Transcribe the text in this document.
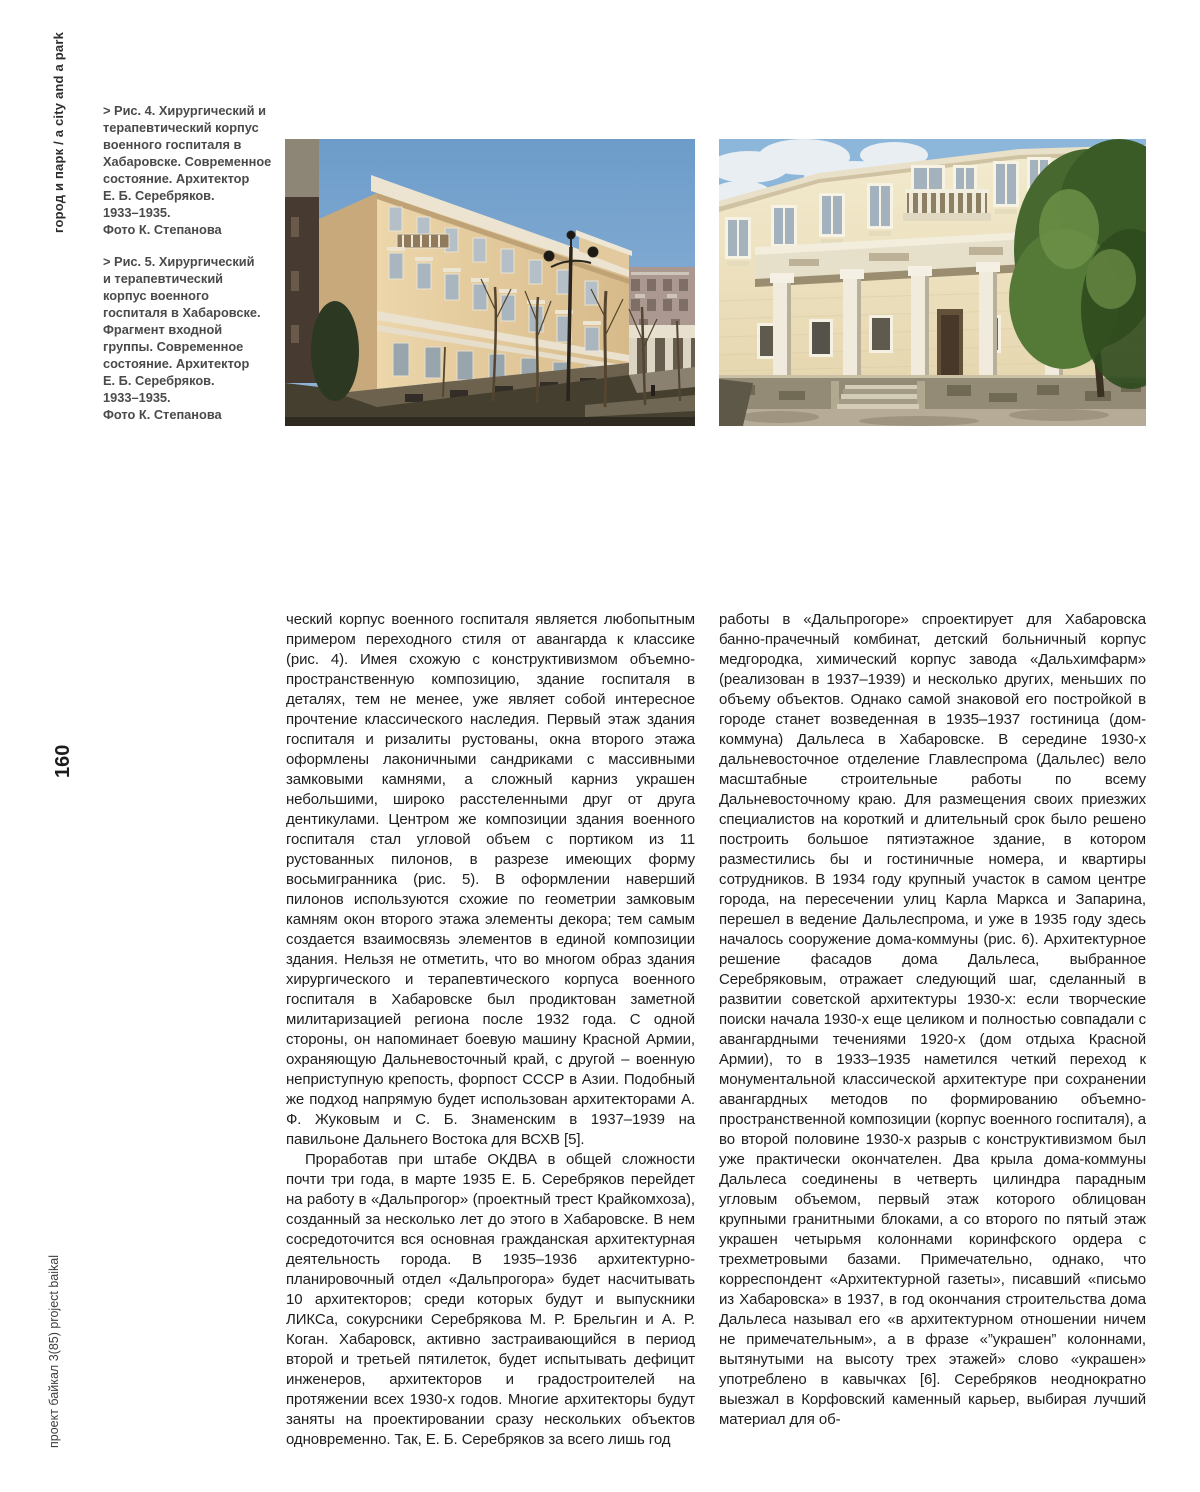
город и парк / a city and a park
160
проект байкал 3(85) project baikal
> Рис. 4. Хирургический и
терапевтический корпус
военного госпиталя в
Хабаровске. Современное
состояние. Архитектор
Е. Б. Серебряков.
1933–1935.
Фото К. Степанова
> Рис. 5. Хирургический
и терапевтический
корпус военного
госпиталя в Хабаровске.
Фрагмент входной
группы. Современное
состояние. Архитектор
Е. Б. Серебряков.
1933–1935.
Фото К. Степанова

ческий корпус военного госпиталя является любопытным примером переходного стиля от авангарда к классике (рис. 4). Имея схожую с конструктивизмом объемно-пространственную композицию, здание госпиталя в деталях, тем не менее, уже являет собой интересное прочтение классического наследия. Первый этаж здания госпиталя и ризалиты рустованы, окна второго этажа оформлены лаконичными сандриками с массивными замковыми камнями, а сложный карниз украшен небольшими, широко расстеленными друг от друга дентикулами. Центром же композиции здания военного госпиталя стал угловой объем с портиком из 11 рустованных пилонов, в разрезе имеющих форму восьмигранника (рис. 5). В оформлении наверший пилонов используются схожие по геометрии замковым камням окон второго этажа элементы декора; тем самым создается взаимосвязь элементов в единой композиции здания. Нельзя не отметить, что во многом образ здания хирургического и терапевтического корпуса военного госпиталя в Хабаровске был продиктован заметной милитаризацией региона после 1932 года. С одной стороны, он напоминает боевую машину Красной Армии, охраняющую Дальневосточный край, с другой – военную неприступную крепость, форпост СССР в Азии. Подобный же подход напрямую будет использован архитекторами А. Ф. Жуковым и С. Б. Знаменским в 1937–1939 на павильоне Дальнего Востока для ВСХВ [5].

Проработав при штабе ОКДВА в общей сложности почти три года, в марте 1935 Е. Б. Серебряков перейдет на работу в «Дальпрогор» (проектный трест Крайкомхоза), созданный за несколько лет до этого в Хабаровске. В нем сосредоточится вся основная гражданская архитектурная деятельность города. В 1935–1936 архитектурно-планировочный отдел «Дальпрогора» будет насчитывать 10 архитекторов; среди которых будут и выпускники ЛИКСа, сокурсники Серебрякова М. Р. Брельгин и А. Р. Коган. Хабаровск, активно застраивающийся в период второй и третьей пятилеток, будет испытывать дефицит инженеров, архитекторов и градостроителей на протяжении всех 1930-х годов. Многие архитекторы будут заняты на проектировании сразу нескольких объектов одновременно. Так, Е. Б. Серебряков за всего лишь год

работы в «Дальпрогоре» спроектирует для Хабаровска банно-прачечный комбинат, детский больничный корпус медгородка, химический корпус завода «Дальхимфарм» (реализован в 1937–1939) и несколько других, меньших по объему объектов. Однако самой знаковой его постройкой в городе станет возведенная в 1935–1937 гостиница (дом-коммуна) Дальлеса в Хабаровске. В середине 1930-х дальневосточное отделение Главлеспрома (Дальлес) вело масштабные строительные работы по всему Дальневосточному краю. Для размещения своих приезжих специалистов на короткий и длительный срок было решено построить большое пятиэтажное здание, в котором разместились бы и гостиничные номера, и квартиры сотрудников. В 1934 году крупный участок в самом центре города, на пересечении улиц Карла Маркса и Запарина, перешел в ведение Дальлеспрома, и уже в 1935 году здесь началось сооружение дома-коммуны (рис. 6). Архитектурное решение фасадов дома Дальлеса, выбранное Серебряковым, отражает следующий шаг, сделанный в развитии советской архитектуры 1930-х: если творческие поиски начала 1930-х еще целиком и полностью совпадали с авангардными течениями 1920-х (дом отдыха Красной Армии), то в 1933–1935 наметился четкий переход к монументальной классической архитектуре при сохранении авангардных методов по формированию объемно-пространственной композиции (корпус военного госпиталя), а во второй половине 1930-х разрыв с конструктивизмом был уже практически окончателен. Два крыла дома-коммуны Дальлеса соединены в четверть цилиндра парадным угловым объемом, первый этаж которого облицован крупными гранитными блоками, а со второго по пятый этаж украшен четырьмя колоннами коринфского ордера с трехметровыми базами. Примечательно, однако, что корреспондент «Архитектурной газеты», писавший «письмо из Хабаровска» в 1937, в год окончания строительства дома Дальлеса называл его «в архитектурном отношении ничем не примечательным», а в фразе «”украшен” колоннами, вытянутыми на высоту трех этажей» слово «украшен» употреблено в кавычках [6]. Серебряков неоднократно выезжал в Корфовский каменный карьер, выбирая лучший материал для об-
